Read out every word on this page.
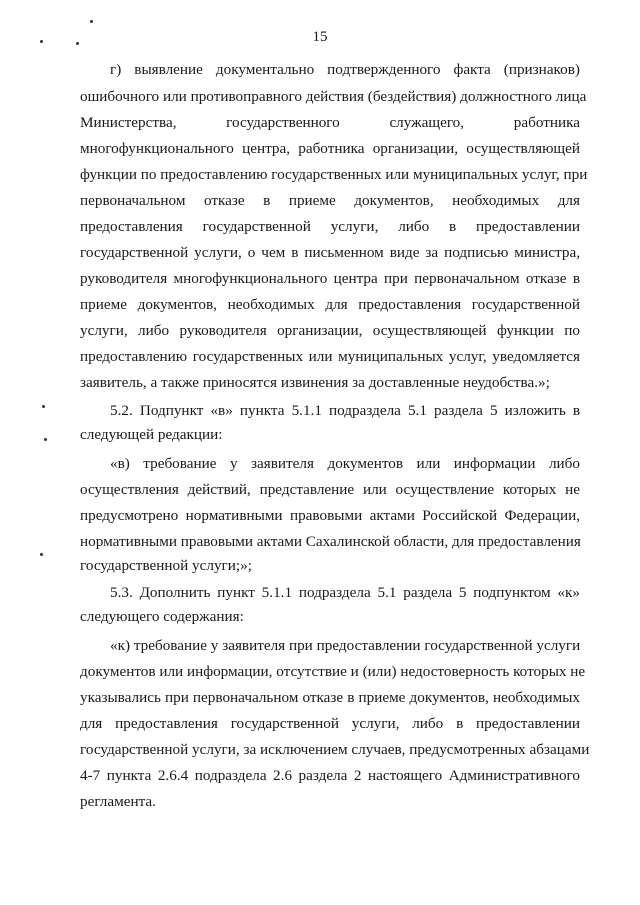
15
г) выявление документально подтвержденного факта (признаков)
ошибочного или противоправного действия (бездействия) должностного лица
Министерства, государственного служащего, работника
многофункционального центра, работника организации, осуществляющей
функции по предоставлению государственных или муниципальных услуг, при
первоначальном отказе в приеме документов, необходимых для
предоставления государственной услуги, либо в предоставлении
государственной услуги, о чем в письменном виде за подписью министра,
руководителя многофункционального центра при первоначальном отказе в
приеме документов, необходимых для предоставления государственной
услуги, либо руководителя организации, осуществляющей функции по
предоставлению государственных или муниципальных услуг, уведомляется
заявитель, а также приносятся извинения за доставленные неудобства.»;
5.2. Подпункт «в» пункта 5.1.1 подраздела 5.1 раздела 5 изложить в
следующей редакции:
«в) требование у заявителя документов или информации либо
осуществления действий, представление или осуществление которых не
предусмотрено нормативными правовыми актами Российской Федерации,
нормативными правовыми актами Сахалинской области, для предоставления
государственной услуги;»;
5.3. Дополнить пункт 5.1.1 подраздела 5.1 раздела 5 подпунктом «к»
следующего содержания:
«к) требование у заявителя при предоставлении государственной услуги
документов или информации, отсутствие и (или) недостоверность которых не
указывались при первоначальном отказе в приеме документов, необходимых
для предоставления государственной услуги, либо в предоставлении
государственной услуги, за исключением случаев, предусмотренных абзацами
4-7 пункта 2.6.4 подраздела 2.6 раздела 2 настоящего Административного
регламента.
